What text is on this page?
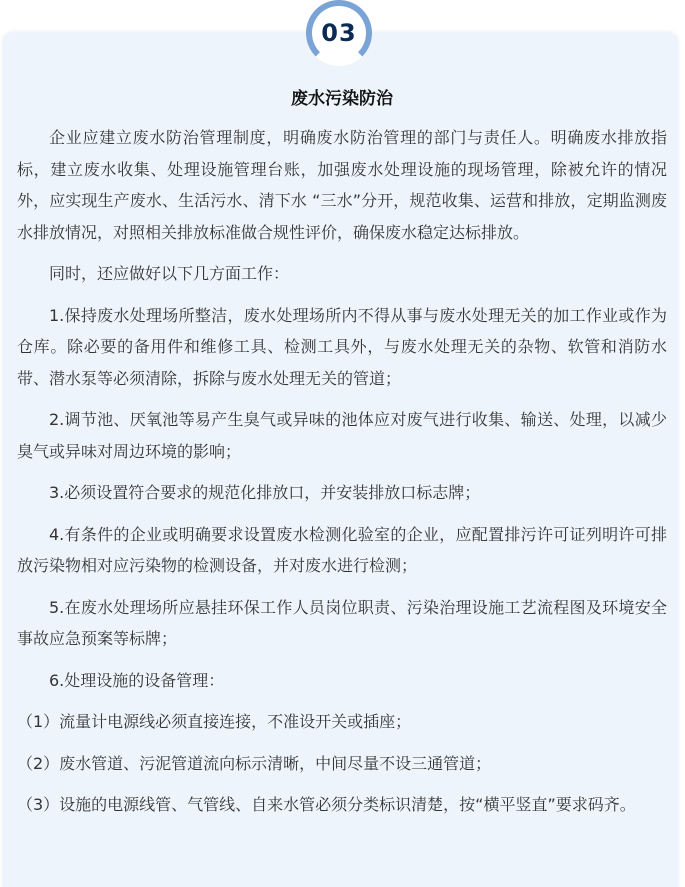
03
废水污染防治

企业应建立废水防治管理制度，明确废水防治管理的部门与责任人。明确废水排放指标，建立废水收集、处理设施管理台账，加强废水处理设施的现场管理，除被允许的情况外，应实现生产废水、生活污水、清下水 “三水”分开，规范收集、运营和排放，定期监测废水排放情况，对照相关排放标准做合规性评价，确保废水稳定达标排放。

同时，还应做好以下几方面工作：

1.保持废水处理场所整洁，废水处理场所内不得从事与废水处理无关的加工作业或作为仓库。除必要的备用件和维修工具、检测工具外，与废水处理无关的杂物、软管和消防水带、潜水泵等必须清除，拆除与废水处理无关的管道；

2.调节池、厌氧池等易产生臭气或异味的池体应对废气进行收集、输送、处理，以减少臭气或异味对周边环境的影响；

3.必须设置符合要求的规范化排放口，并安装排放口标志牌；

4.有条件的企业或明确要求设置废水检测化验室的企业，应配置排污许可证列明许可排放污染物相对应污染物的检测设备，并对废水进行检测；

5.在废水处理场所应悬挂环保工作人员岗位职责、污染治理设施工艺流程图及环境安全事故应急预案等标牌；

6.处理设施的设备管理：

（1）流量计电源线必须直接连接，不准设开关或插座；

（2）废水管道、污泥管道流向标示清晰，中间尽量不设三通管道；

（3）设施的电源线管、气管线、自来水管必须分类标识清楚，按“横平竖直”要求码齐。
